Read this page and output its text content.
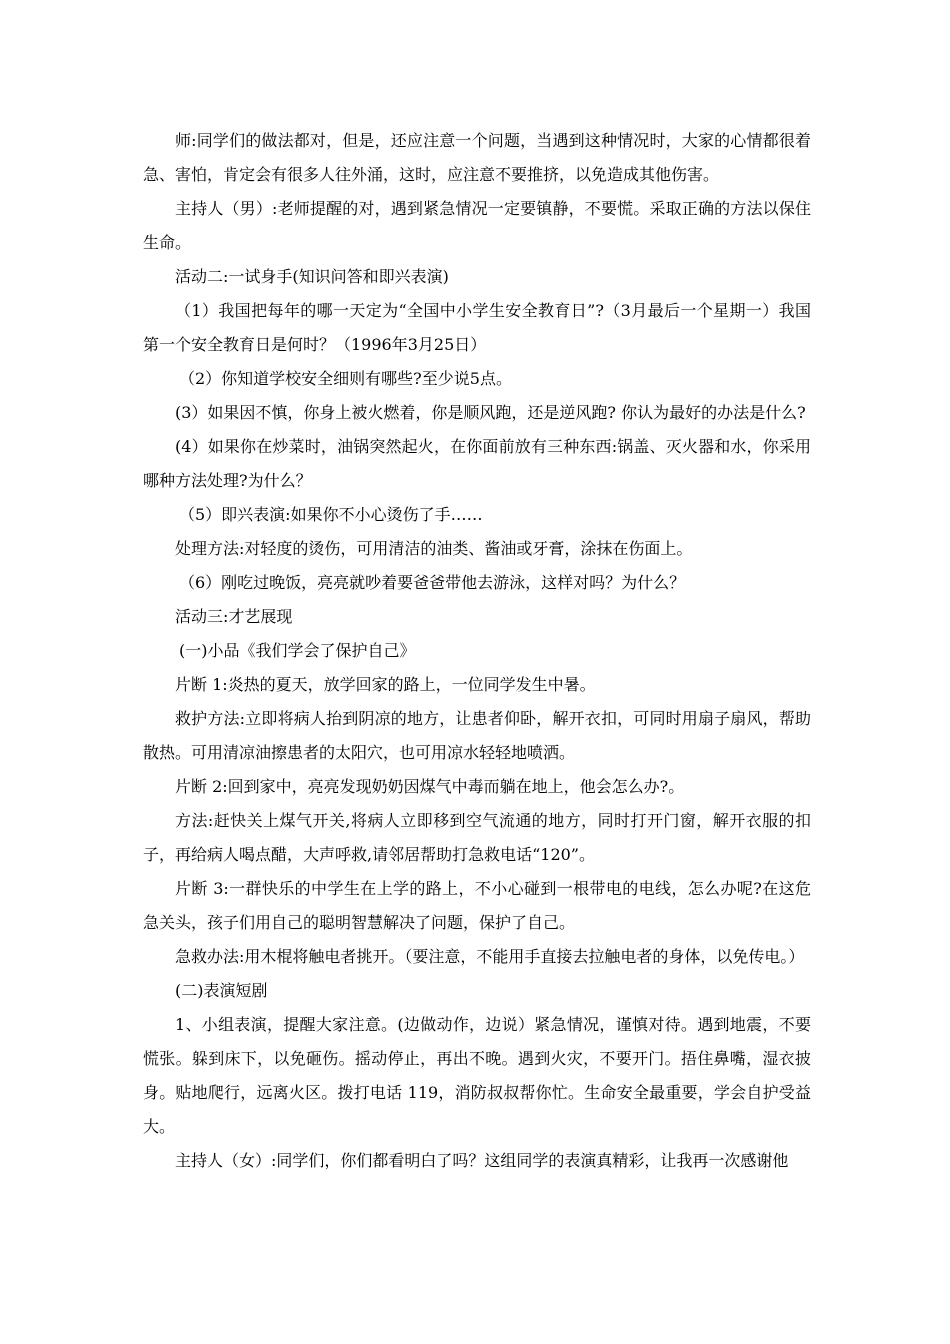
师:同学们的做法都对，但是，还应注意一个问题，当遇到这种情况时，大家的心情都很着急、害怕，肯定会有很多人往外涌，这时，应注意不要推挤，以免造成其他伤害。

主持人（男）:老师提醒的对，遇到紧急情况一定要镇静，不要慌。采取正确的方法以保住生命。

活动二:一试身手(知识问答和即兴表演)

（1）我国把每年的哪一天定为“全国中小学生安全教育日”?（3月最后一个星期一）我国第一个安全教育日是何时？（1996年3月25日）

（2）你知道学校安全细则有哪些?至少说5点。

(3）如果因不慎，你身上被火燃着，你是顺风跑，还是逆风跑? 你认为最好的办法是什么?

(4）如果你在炒菜时，油锅突然起火，在你面前放有三种东西:锅盖、灭火器和水，你采用哪种方法处理?为什么？

（5）即兴表演:如果你不小心烫伤了手……

处理方法:对轻度的烫伤，可用清洁的油类、酱油或牙膏，涂抹在伤面上。

（6）刚吃过晚饭，亮亮就吵着要爸爸带他去游泳，这样对吗？为什么？

活动三:才艺展现

(一)小品《我们学会了保护自己》

片断 1:炎热的夏天，放学回家的路上，一位同学发生中暑。

救护方法:立即将病人抬到阴凉的地方，让患者仰卧，解开衣扣，可同时用扇子扇风，帮助散热。可用清凉油擦患者的太阳穴，也可用凉水轻轻地喷洒。

片断 2:回到家中，亮亮发现奶奶因煤气中毒而躺在地上，他会怎么办?。

方法:赶快关上煤气开关,将病人立即移到空气流通的地方，同时打开门窗，解开衣服的扣子，再给病人喝点醋，大声呼救,请邻居帮助打急救电话“120”。

片断 3:一群快乐的中学生在上学的路上，不小心碰到一根带电的电线，怎么办呢?在这危急关头，孩子们用自己的聪明智慧解决了问题，保护了自己。

急救办法:用木棍将触电者挑开。（要注意，不能用手直接去拉触电者的身体，以免传电。）

(二)表演短剧

1、小组表演，提醒大家注意。(边做动作，边说）紧急情况，谨慎对待。遇到地震，不要慌张。躲到床下，以免砸伤。摇动停止，再出不晚。遇到火灾，不要开门。捂住鼻嘴，湿衣披身。贴地爬行，远离火区。拨打电话 119，消防叔叔帮你忙。生命安全最重要，学会自护受益大。

主持人（女）:同学们，你们都看明白了吗？这组同学的表演真精彩，让我再一次感谢他
